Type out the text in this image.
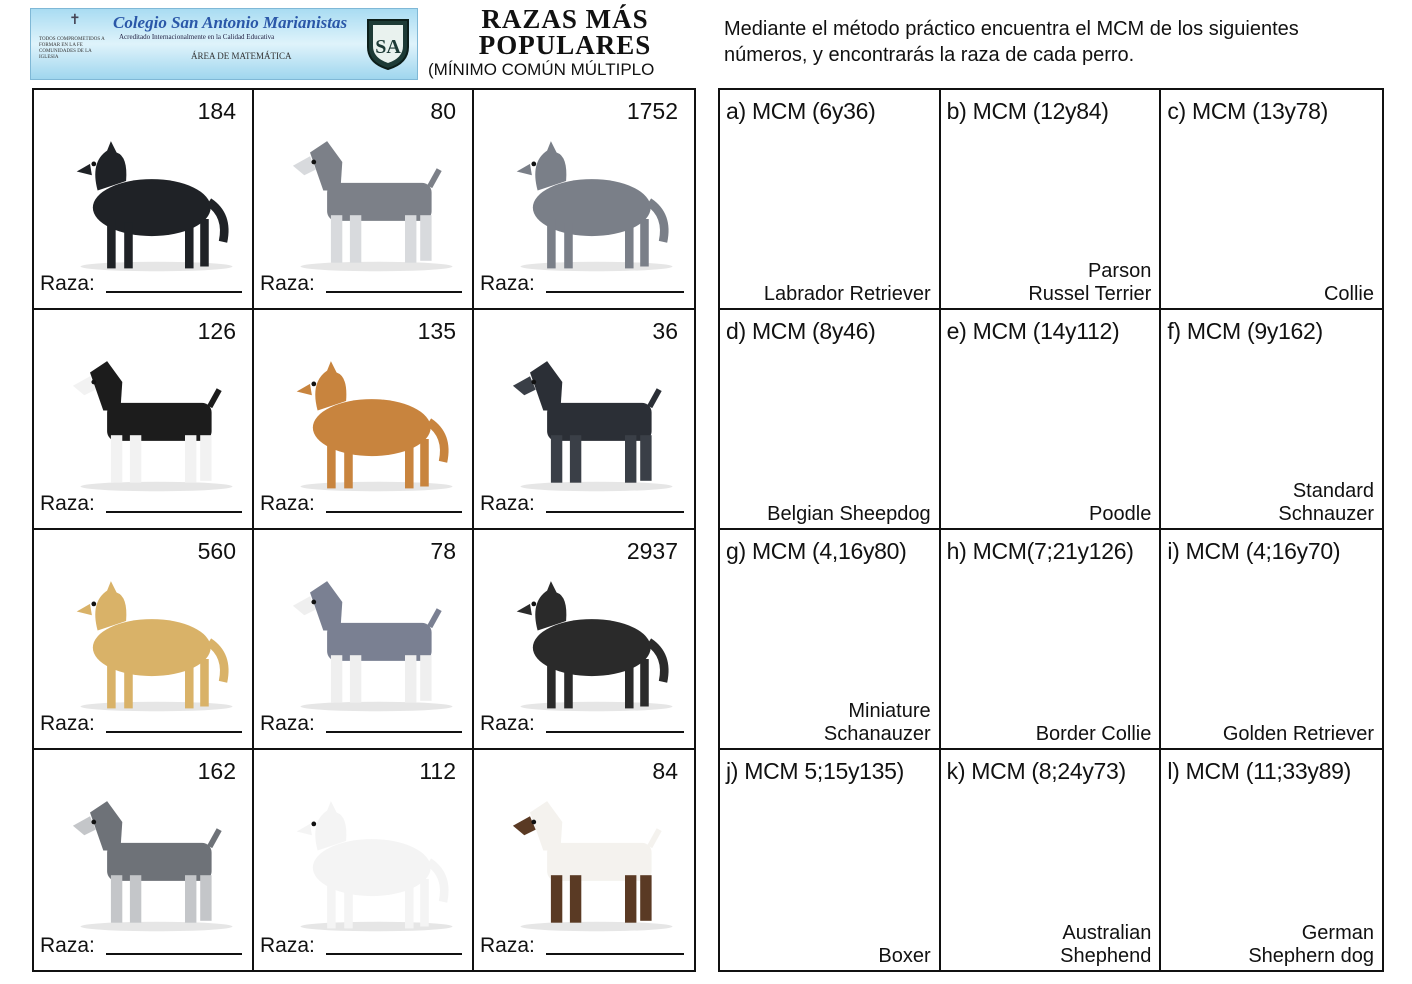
✝ Colegio San Antonio Marianistas
Acreditado Internacionalmente en la Calidad Educativa
TODOS COMPROMETIDOS A FORMAR EN LA FE COMUNIDADES DE LA IGLESIA	ÁREA DE MATEMÁTICA	SA
RAZAS MÁS
POPULARES
(MÍNIMO COMÚN MÚLTIPLO
Mediante el método práctico encuentra el MCM de los siguientes números, y encontrarás la raza de cada perro.
184
Raza:
80
Raza:
1752
Raza:
126
Raza:
135
Raza:
36
Raza:
560
Raza:
78
Raza:
2937
Raza:
162
Raza:
112
Raza:
84
Raza:
a) MCM (6y36)
Labrador Retriever
b) MCM (12y84)
Parson
Russel Terrier
c) MCM (13y78)
Collie
d) MCM (8y46)
Belgian Sheepdog
e) MCM (14y112)
Poodle
f) MCM (9y162)
Standard
Schnauzer
g) MCM (4,16y80)
Miniature
Schanauzer
h) MCM(7;21y126)
Border Collie
i) MCM (4;16y70)
Golden Retriever
j) MCM 5;15y135)
Boxer
k) MCM (8;24y73)
Australian
Shephend
l) MCM (11;33y89)
German
Shephern dog
